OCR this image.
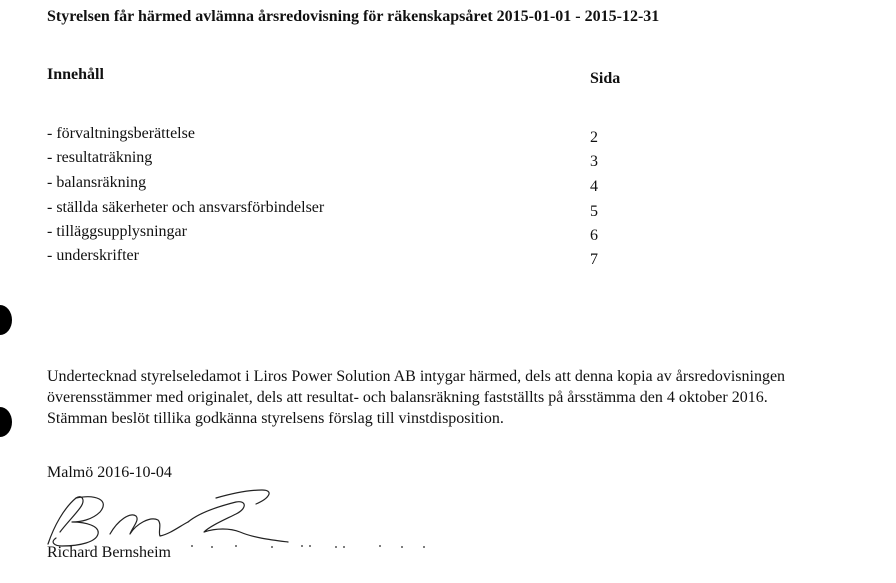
Styrelsen får härmed avlämna årsredovisning för räkenskapsåret 2015-01-01 - 2015-12-31
Innehåll	Sida
- förvaltningsberättelse	2
- resultaträkning	3
- balansräkning	4
- ställda säkerheter och ansvarsförbindelser	5
- tilläggsupplysningar	6
- underskrifter	7
Undertecknad styrelseledamot i Liros Power Solution AB intygar härmed, dels att denna kopia av årsredovisningen
överensstämmer med originalet, dels att resultat- och balansräkning fastställts på årsstämma den 4 oktober 2016.
Stämman beslöt tillika godkänna styrelsens förslag till vinstdisposition.
Malmö 2016-10-04
Richard Bernsheim
